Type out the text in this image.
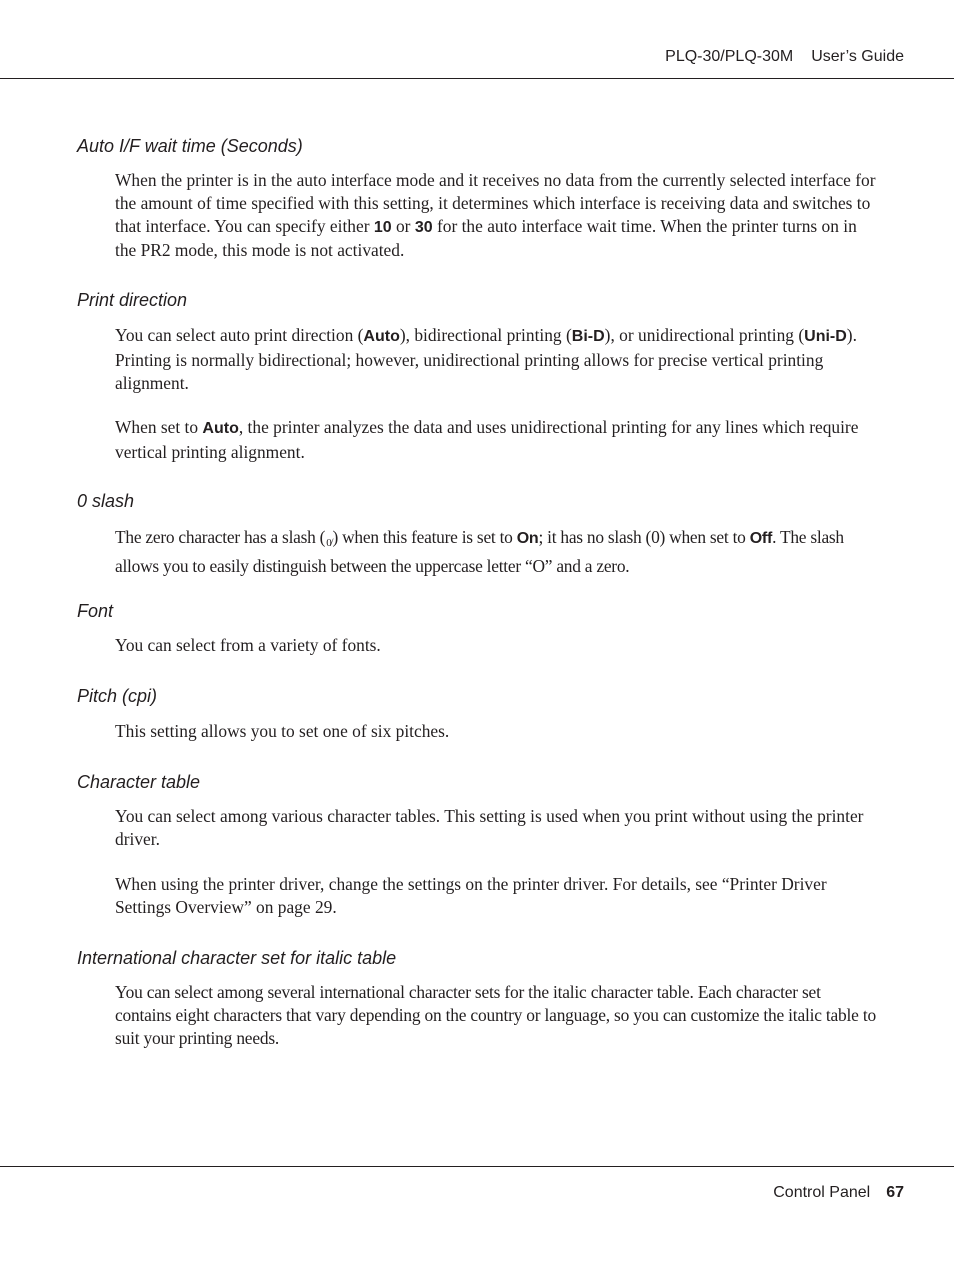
PLQ-30/PLQ-30M User’s Guide
Auto I/F wait time (Seconds)
When the printer is in the auto interface mode and it receives no data from the currently selected interface for the amount of time specified with this setting, it determines which interface is receiving data and switches to that interface. You can specify either 10 or 30 for the auto interface wait time. When the printer turns on in the PR2 mode, this mode is not activated.
Print direction
You can select auto print direction (Auto), bidirectional printing (Bi-D), or unidirectional printing (Uni-D). Printing is normally bidirectional; however, unidirectional printing allows for precise vertical printing alignment.
When set to Auto, the printer analyzes the data and uses unidirectional printing for any lines which require vertical printing alignment.
0 slash
The zero character has a slash (0̸) when this feature is set to On; it has no slash (0) when set to Off. The slash allows you to easily distinguish between the uppercase letter “O” and a zero.
Font
You can select from a variety of fonts.
Pitch (cpi)
This setting allows you to set one of six pitches.
Character table
You can select among various character tables. This setting is used when you print without using the printer driver.
When using the printer driver, change the settings on the printer driver. For details, see “Printer Driver Settings Overview” on page 29.
International character set for italic table
You can select among several international character sets for the italic character table. Each character set contains eight characters that vary depending on the country or language, so you can customize the italic table to suit your printing needs.
Control Panel 67
